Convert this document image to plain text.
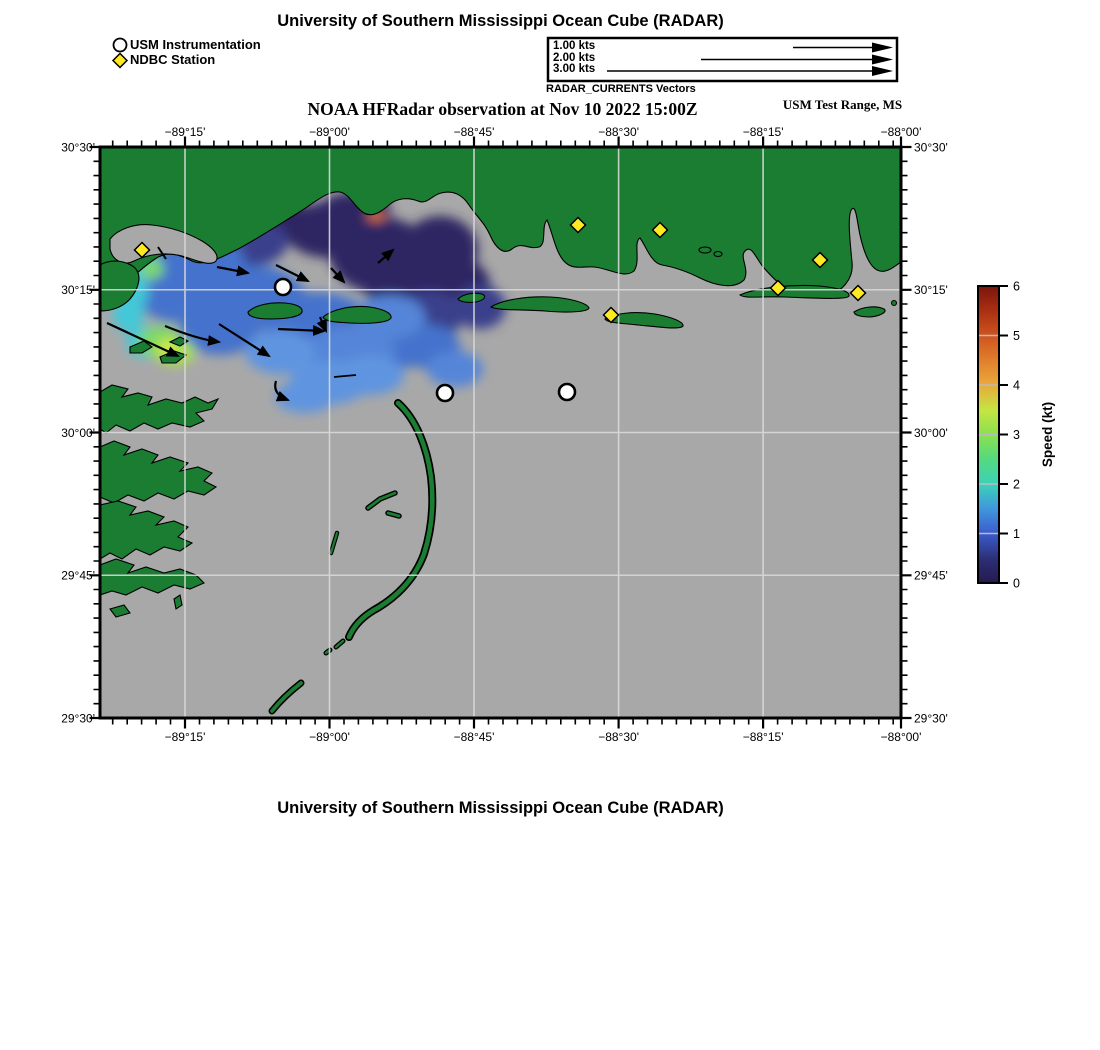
−89°15'	−89°00'	−88°45'	−88°30'	−88°15'	−88°00'
−89°15'	−89°00'	−88°45'	−88°30'	−88°15'	−88°00'
30°30'
30°15'
30°00'
29°45'
29°30'
30°30'
30°15'
30°00'
29°45'
29°30'
0
1
2
3
4
5
6
Speed (kt)
University of Southern Mississippi Ocean Cube (RADAR)
USM Instrumentation
NDBC Station
1.00 kts
2.00 kts
3.00 kts
RADAR_CURRENTS Vectors
NOAA HFRadar observation at Nov 10 2022 15:00Z	USM Test Range, MS
University of Southern Mississippi Ocean Cube (RADAR)
